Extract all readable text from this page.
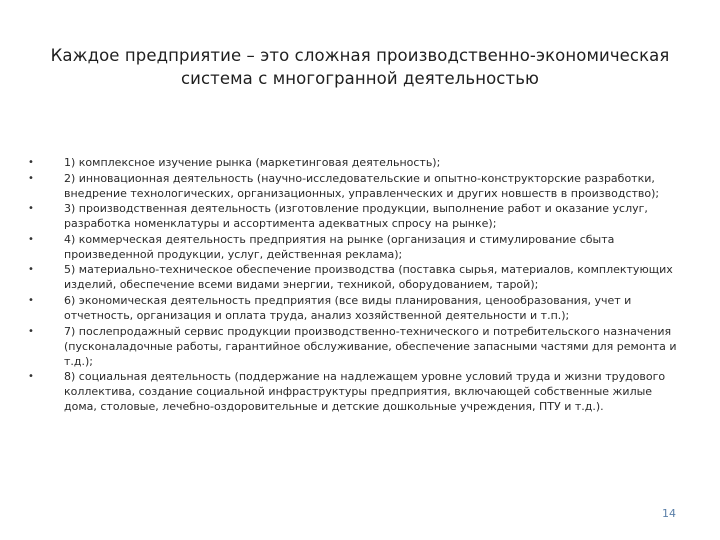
Каждое предприятие – это сложная производственно-экономическая
система с многогранной деятельностью
•	1) комплексное изучение рынка (маркетинговая деятельность);
•	2) инновационная деятельность (научно-исследовательские и опытно-конструкторские разработки, внедрение технологических, организационных, управленческих и других новшеств в производство);
•	3) производственная деятельность (изготовление продукции, выполнение работ и оказание услуг, разработка номенклатуры и ассортимента адекватных спросу на рынке);
•	4) коммерческая деятельность предприятия на рынке (организация и стимулирование сбыта произведенной продукции, услуг, действенная реклама);
•	5) материально-техническое обеспечение производства (поставка сырья, материалов, комплектующих изделий, обеспечение всеми видами энергии, техникой, оборудованием, тарой);
•	6) экономическая деятельность предприятия (все виды планирования, ценообразования, учет и отчетность, организация и оплата труда, анализ хозяйственной деятельности и т.п.);
•	7) послепродажный сервис продукции производственно-технического и потребительского назначения (пусконаладочные работы, гарантийное обслуживание, обеспечение запасными частями для ремонта и т.д.);
•	8) социальная деятельность (поддержание на надлежащем уровне условий труда и жизни трудового коллектива, создание социальной инфраструктуры предприятия, включающей собственные жилые дома, столовые, лечебно-оздоровительные и детские дошкольные учреждения, ПТУ и т.д.).
14
